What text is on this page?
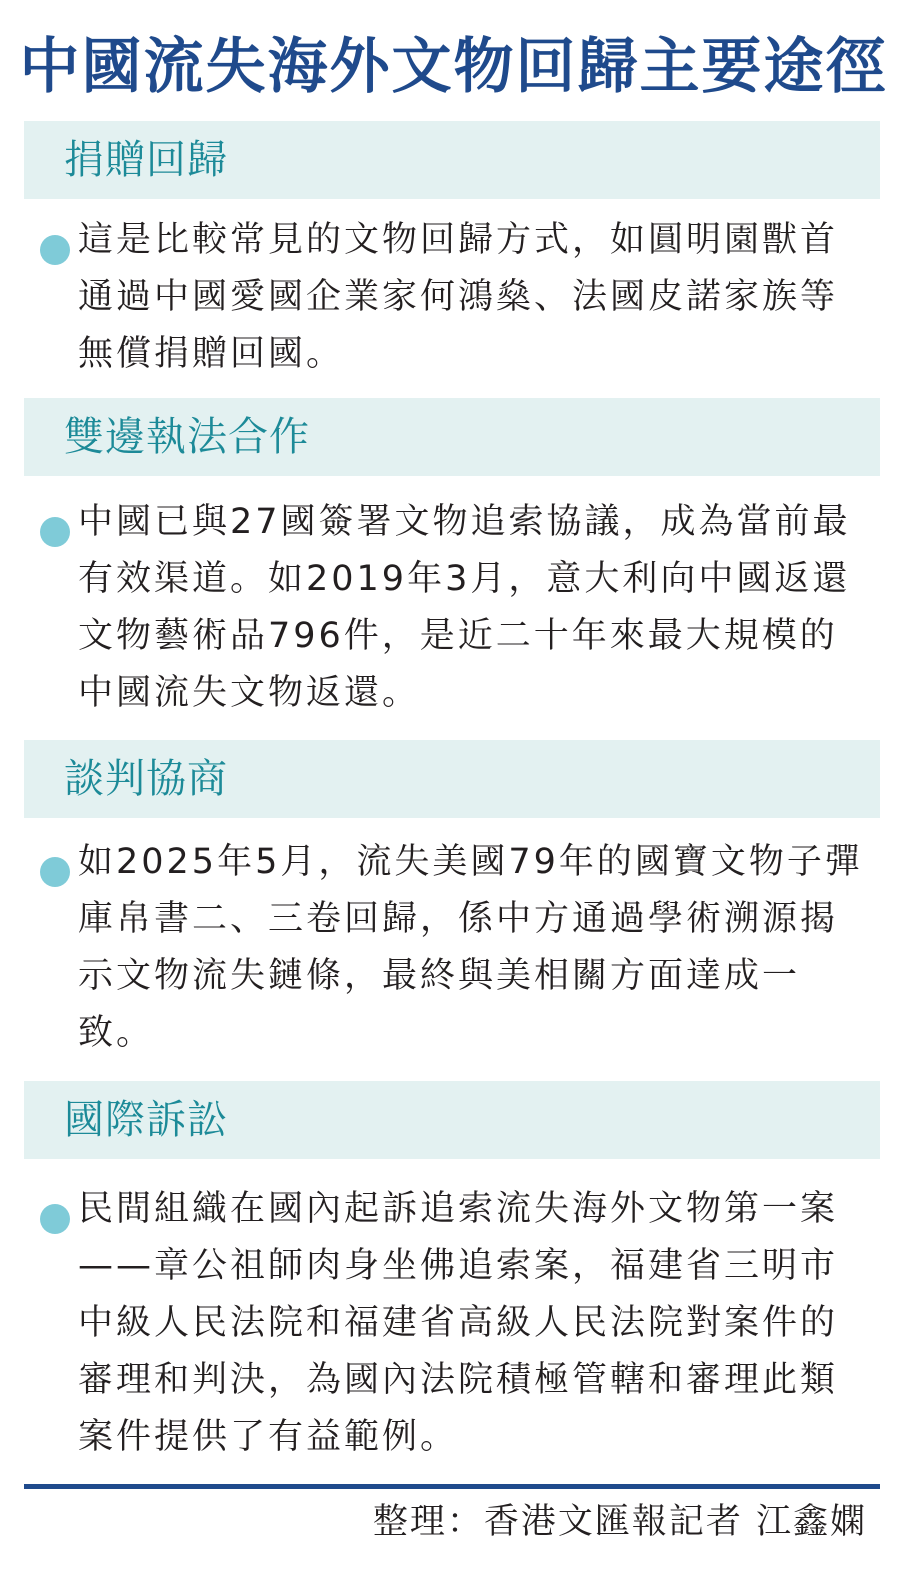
中國流失海外文物回歸主要途徑
捐贈回歸

這是比較常見的文物回歸方式，如圓明園獸首通過中國愛國企業家何鴻燊、法國皮諾家族等無償捐贈回國。

雙邊執法合作

中國已與27國簽署文物追索協議，成為當前最有效渠道。如2019年3月，意大利向中國返還文物藝術品796件，是近二十年來最大規模的中國流失文物返還。

談判協商

如2025年5月，流失美國79年的國寶文物子彈庫帛書二、三卷回歸，係中方通過學術溯源揭示文物流失鏈條，最終與美相關方面達成一致。

國際訴訟

民間組織在國內起訴追索流失海外文物第一案——章公祖師肉身坐佛追索案，福建省三明市中級人民法院和福建省高級人民法院對案件的審理和判決，為國內法院積極管轄和審理此類案件提供了有益範例。

整理：香港文匯報記者 江鑫嫻
